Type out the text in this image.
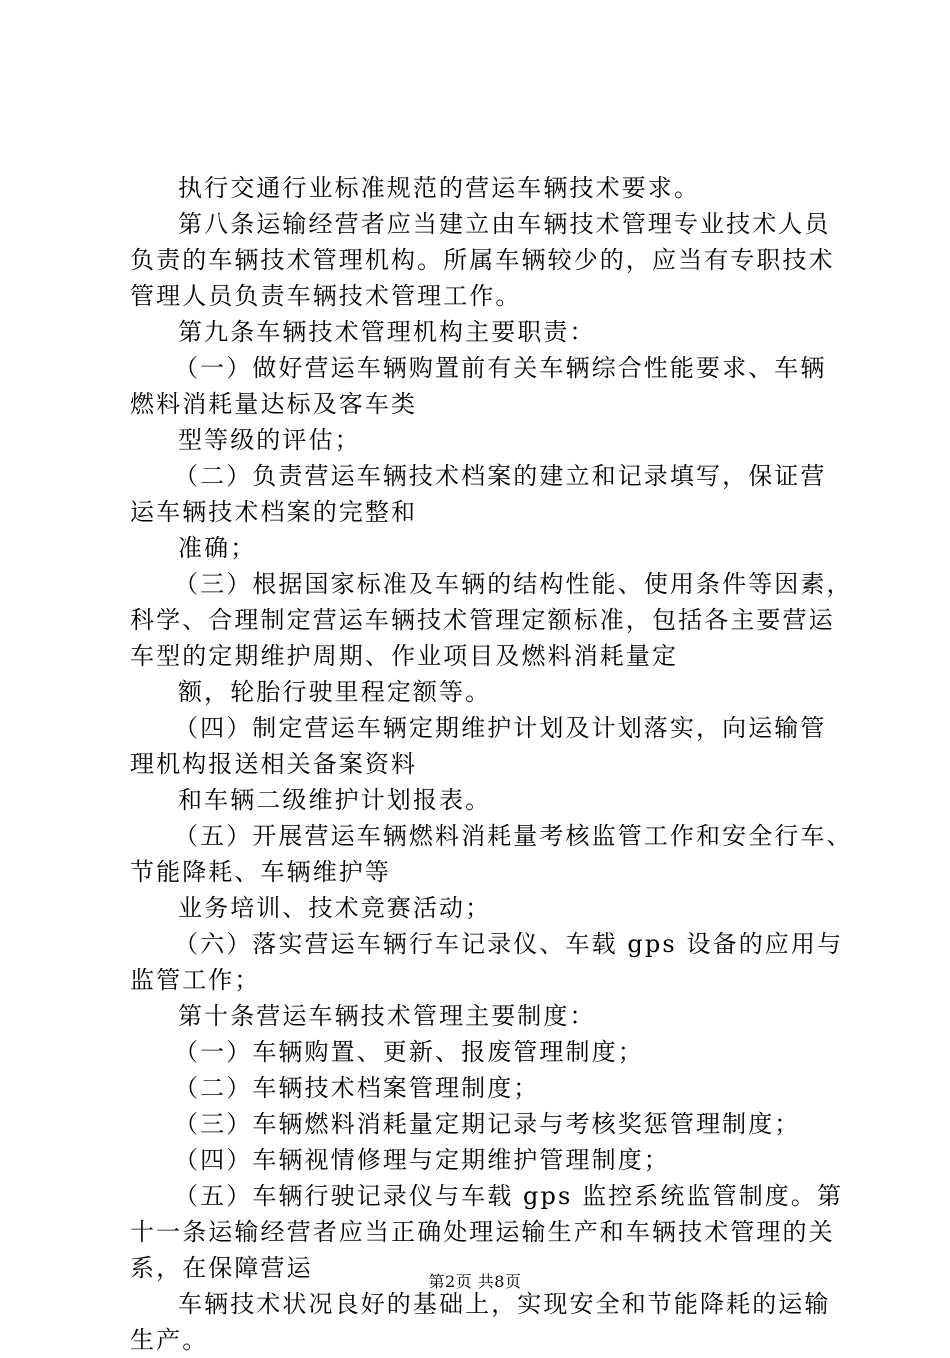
执行交通行业标准规范的营运车辆技术要求。
第八条运输经营者应当建立由车辆技术管理专业技术人员
负责的车辆技术管理机构。所属车辆较少的，应当有专职技术
管理人员负责车辆技术管理工作。
第九条车辆技术管理机构主要职责：
（一）做好营运车辆购置前有关车辆综合性能要求、车辆
燃料消耗量达标及客车类
型等级的评估；
（二）负责营运车辆技术档案的建立和记录填写，保证营
运车辆技术档案的完整和
准确；
（三）根据国家标准及车辆的结构性能、使用条件等因素，
科学、合理制定营运车辆技术管理定额标准，包括各主要营运
车型的定期维护周期、作业项目及燃料消耗量定
额，轮胎行驶里程定额等。
（四）制定营运车辆定期维护计划及计划落实，向运输管
理机构报送相关备案资料
和车辆二级维护计划报表。
（五）开展营运车辆燃料消耗量考核监管工作和安全行车、
节能降耗、车辆维护等
业务培训、技术竞赛活动；
（六）落实营运车辆行车记录仪、车载 gps 设备的应用与
监管工作；
第十条营运车辆技术管理主要制度：
（一）车辆购置、更新、报废管理制度；
（二）车辆技术档案管理制度；
（三）车辆燃料消耗量定期记录与考核奖惩管理制度；
（四）车辆视情修理与定期维护管理制度；
（五）车辆行驶记录仪与车载 gps 监控系统监管制度。第
十一条运输经营者应当正确处理运输生产和车辆技术管理的关
系，在保障营运
车辆技术状况良好的基础上，实现安全和节能降耗的运输
生产。
第2页 共8页
